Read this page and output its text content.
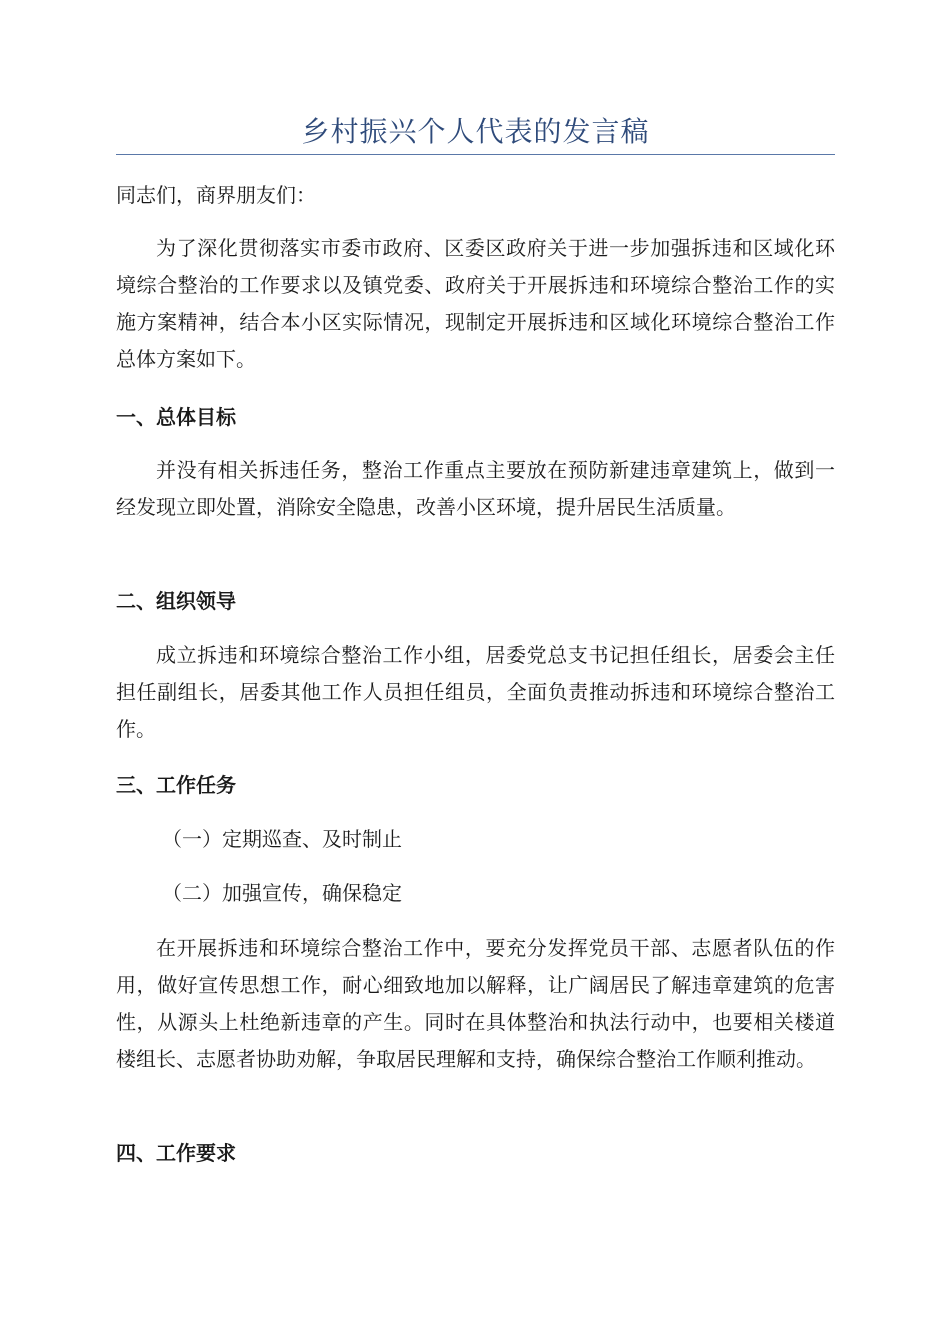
乡村振兴个人代表的发言稿
同志们，商界朋友们：

为了深化贯彻落实市委市政府、区委区政府关于进一步加强拆违和区域化环境综合整治的工作要求以及镇党委、政府关于开展拆违和环境综合整治工作的实施方案精神，结合本小区实际情况，现制定开展拆违和区域化环境综合整治工作总体方案如下。

一、总体目标

并没有相关拆违任务，整治工作重点主要放在预防新建违章建筑上，做到一经发现立即处置，消除安全隐患，改善小区环境，提升居民生活质量。

二、组织领导

成立拆违和环境综合整治工作小组，居委党总支书记担任组长，居委会主任担任副组长，居委其他工作人员担任组员，全面负责推动拆违和环境综合整治工作。

三、工作任务
（一）定期巡查、及时制止
（二）加强宣传，确保稳定

在开展拆违和环境综合整治工作中，要充分发挥党员干部、志愿者队伍的作用，做好宣传思想工作，耐心细致地加以解释，让广阔居民了解违章建筑的危害性，从源头上杜绝新违章的产生。同时在具体整治和执法行动中，也要相关楼道楼组长、志愿者协助劝解，争取居民理解和支持，确保综合整治工作顺利推动。

四、工作要求
